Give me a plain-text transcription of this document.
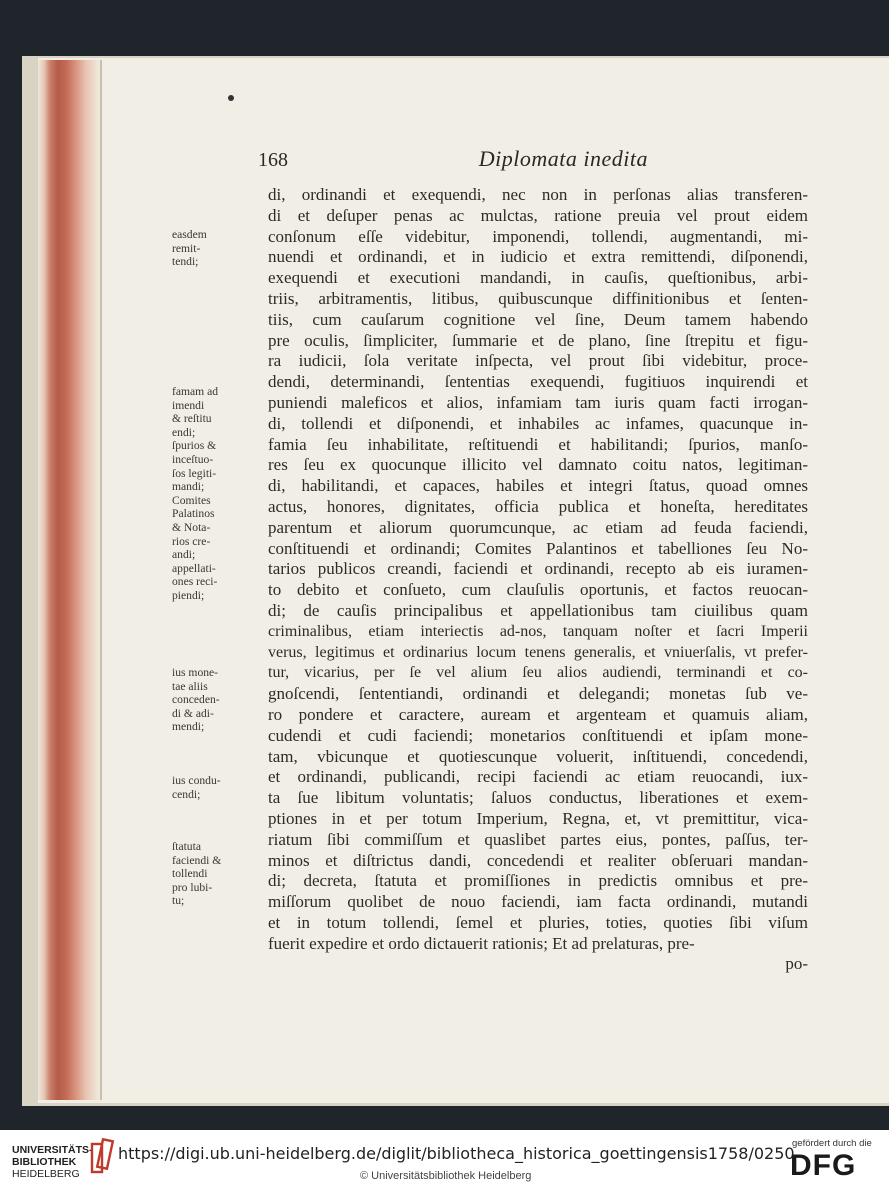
168	Diplomata inedita
di, ordinandi et exequendi, nec non in perſonas alias transferen-
di et deſuper penas ac mulctas, ratione preuia vel prout eidem
conſonum eſſe videbitur, imponendi, tollendi, augmentandi, mi-
nuendi et ordinandi, et in iudicio et extra remittendi, diſponendi,
exequendi et executioni mandandi, in cauſis, queſtionibus, arbi-
triis, arbitramentis, litibus, quibuscunque diffinitionibus et ſenten-
tiis, cum cauſarum cognitione vel ſine, Deum tamem habendo
pre oculis, ſimpliciter, ſummarie et de plano, ſine ſtrepitu et figu-
ra iudicii, ſola veritate inſpecta, vel prout ſibi videbitur, proce-
dendi, determinandi, ſententias exequendi, fugitiuos inquirendi et
puniendi maleficos et alios, infamiam tam iuris quam facti irrogan-
di, tollendi et diſponendi, et inhabiles ac infames, quacunque in-
famia ſeu inhabilitate, reſtituendi et habilitandi; ſpurios, manſo-
res ſeu ex quocunque illicito vel damnato coitu natos, legitiman-
di, habilitandi, et capaces, habiles et integri ſtatus, quoad omnes
actus, honores, dignitates, officia publica et honeſta, hereditates
parentum et aliorum quorumcunque, ac etiam ad feuda faciendi,
conſtituendi et ordinandi; Comites Palantinos et tabelliones ſeu No-
tarios publicos creandi, faciendi et ordinandi, recepto ab eis iuramen-
to debito et conſueto, cum clauſulis oportunis, et factos reuocan-
di; de cauſis principalibus et appellationibus tam ciuilibus quam
criminalibus, etiam interiectis ad-nos, tanquam noſter et ſacri Imperii
verus, legitimus et ordinarius locum tenens generalis, et vniuerſalis, vt prefer-
tur, vicarius, per ſe vel alium ſeu alios audiendi, terminandi et co-
gnoſcendi, ſententiandi, ordinandi et delegandi; monetas ſub ve-
ro pondere et caractere, auream et argenteam et quamuis aliam,
cudendi et cudi faciendi; monetarios conſtituendi et ipſam mone-
tam, vbicunque et quotiescunque voluerit, inſtituendi, concedendi,
et ordinandi, publicandi, recipi faciendi ac etiam reuocandi, iux-
ta ſue libitum voluntatis; ſaluos conductus, liberationes et exem-
ptiones in et per totum Imperium, Regna, et, vt premittitur, vica-
riatum ſibi commiſſum et quaslibet partes eius, pontes, paſſus, ter-
minos et diſtrictus dandi, concedendi et realiter obſeruari mandan-
di; decreta, ſtatuta et promiſſiones in predictis omnibus et pre-
miſſorum quolibet de nouo faciendi, iam facta ordinandi, mutandi
et in totum tollendi, ſemel et pluries, toties, quoties ſibi viſum
fuerit expedire et ordo dictauerit rationis; Et ad prelaturas, pre-
po-
easdem
remit-
tendi;
famam ad
imendi
& reſtitu
endi;
ſpurios &
inceſtuo-
ſos legiti-
mandi;
Comites
Palatinos
& Nota-
rios cre-
andi;
appellati-
ones reci-
piendi;
ius mone-
tae aliis
conceden-
di & adi-
mendi;
ius condu-
cendi;
ſtatuta
faciendi &
tollendi
pro lubi-
tu;
UNIVERSITÄTS-
BIBLIOTHEK
HEIDELBERG
https://digi.ub.uni-heidelberg.de/diglit/bibliotheca_historica_goettingensis1758/0250
© Universitätsbibliothek Heidelberg
gefördert durch die
DFG
